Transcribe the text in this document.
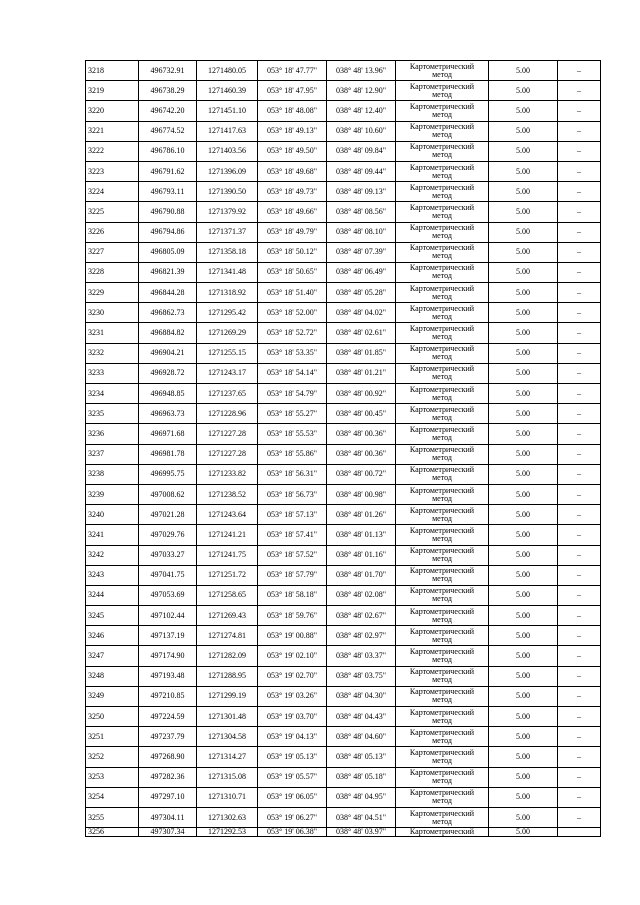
3218	496732.91	1271480.05	053° 18' 47.77"	038° 48' 13.96"	Картометрический
метод	5.00	–
3219	496738.29	1271460.39	053° 18' 47.95"	038° 48' 12.90"	Картометрический
метод	5.00	–
3220	496742.20	1271451.10	053° 18' 48.08"	038° 48' 12.40"	Картометрический
метод	5.00	–
3221	496774.52	1271417.63	053° 18' 49.13"	038° 48' 10.60"	Картометрический
метод	5.00	–
3222	496786.10	1271403.56	053° 18' 49.50"	038° 48' 09.84"	Картометрический
метод	5.00	–
3223	496791.62	1271396.09	053° 18' 49.68"	038° 48' 09.44"	Картометрический
метод	5.00	–
3224	496793.11	1271390.50	053° 18' 49.73"	038° 48' 09.13"	Картометрический
метод	5.00	–
3225	496790.88	1271379.92	053° 18' 49.66"	038° 48' 08.56"	Картометрический
метод	5.00	–
3226	496794.86	1271371.37	053° 18' 49.79"	038° 48' 08.10"	Картометрический
метод	5.00	–
3227	496805.09	1271358.18	053° 18' 50.12"	038° 48' 07.39"	Картометрический
метод	5.00	–
3228	496821.39	1271341.48	053° 18' 50.65"	038° 48' 06.49"	Картометрический
метод	5.00	–
3229	496844.28	1271318.92	053° 18' 51.40"	038° 48' 05.28"	Картометрический
метод	5.00	–
3230	496862.73	1271295.42	053° 18' 52.00"	038° 48' 04.02"	Картометрический
метод	5.00	–
3231	496884.82	1271269.29	053° 18' 52.72"	038° 48' 02.61"	Картометрический
метод	5.00	–
3232	496904.21	1271255.15	053° 18' 53.35"	038° 48' 01.85"	Картометрический
метод	5.00	–
3233	496928.72	1271243.17	053° 18' 54.14"	038° 48' 01.21"	Картометрический
метод	5.00	–
3234	496948.85	1271237.65	053° 18' 54.79"	038° 48' 00.92"	Картометрический
метод	5.00	–
3235	496963.73	1271228.96	053° 18' 55.27"	038° 48' 00.45"	Картометрический
метод	5.00	–
3236	496971.68	1271227.28	053° 18' 55.53"	038° 48' 00.36"	Картометрический
метод	5.00	–
3237	496981.78	1271227.28	053° 18' 55.86"	038° 48' 00.36"	Картометрический
метод	5.00	–
3238	496995.75	1271233.82	053° 18' 56.31"	038° 48' 00.72"	Картометрический
метод	5.00	–
3239	497008.62	1271238.52	053° 18' 56.73"	038° 48' 00.98"	Картометрический
метод	5.00	–
3240	497021.28	1271243.64	053° 18' 57.13"	038° 48' 01.26"	Картометрический
метод	5.00	–
3241	497029.76	1271241.21	053° 18' 57.41"	038° 48' 01.13"	Картометрический
метод	5.00	–
3242	497033.27	1271241.75	053° 18' 57.52"	038° 48' 01.16"	Картометрический
метод	5.00	–
3243	497041.75	1271251.72	053° 18' 57.79"	038° 48' 01.70"	Картометрический
метод	5.00	–
3244	497053.69	1271258.65	053° 18' 58.18"	038° 48' 02.08"	Картометрический
метод	5.00	–
3245	497102.44	1271269.43	053° 18' 59.76"	038° 48' 02.67"	Картометрический
метод	5.00	–
3246	497137.19	1271274.81	053° 19' 00.88"	038° 48' 02.97"	Картометрический
метод	5.00	–
3247	497174.90	1271282.09	053° 19' 02.10"	038° 48' 03.37"	Картометрический
метод	5.00	–
3248	497193.48	1271288.95	053° 19' 02.70"	038° 48' 03.75"	Картометрический
метод	5.00	–
3249	497210.85	1271299.19	053° 19' 03.26"	038° 48' 04.30"	Картометрический
метод	5.00	–
3250	497224.59	1271301.48	053° 19' 03.70"	038° 48' 04.43"	Картометрический
метод	5.00	–
3251	497237.79	1271304.58	053° 19' 04.13"	038° 48' 04.60"	Картометрический
метод	5.00	–
3252	497268.90	1271314.27	053° 19' 05.13"	038° 48' 05.13"	Картометрический
метод	5.00	–
3253	497282.36	1271315.08	053° 19' 05.57"	038° 48' 05.18"	Картометрический
метод	5.00	–
3254	497297.10	1271310.71	053° 19' 06.05"	038° 48' 04.95"	Картометрический
метод	5.00	–
3255	497304.11	1271302.63	053° 19' 06.27"	038° 48' 04.51"	Картометрический
метод	5.00	–
3256	497307.34	1271292.53	053° 19' 06.38"	038° 48' 03.97"	Картометрический	5.00	
